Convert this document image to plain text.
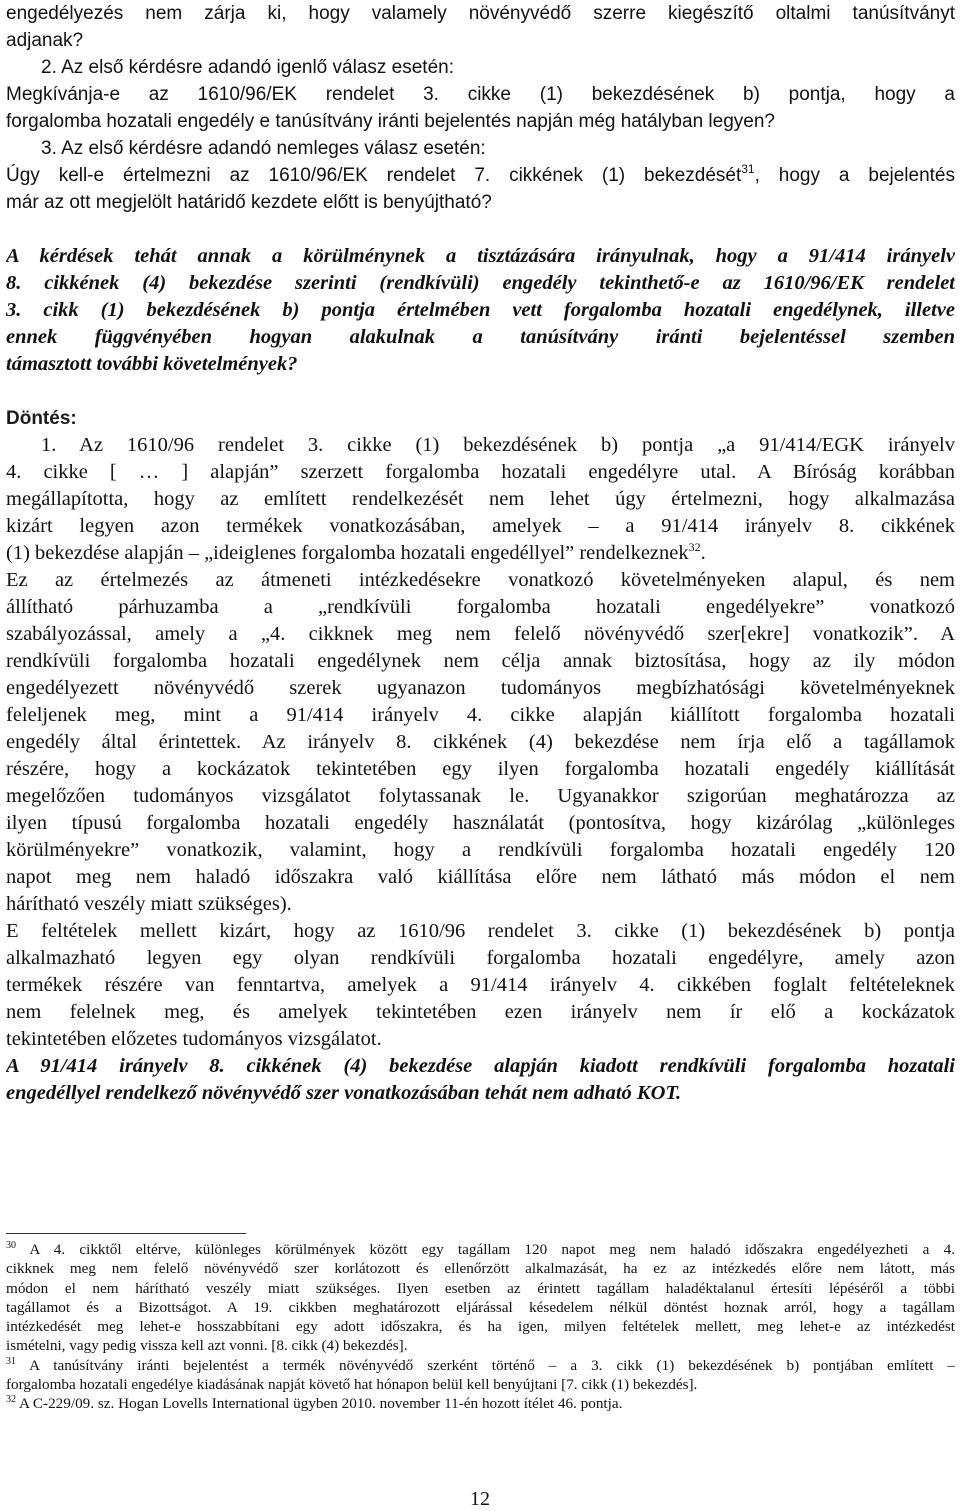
engedélyezés nem zárja ki, hogy valamely növényvédő szerre kiegészítő oltalmi tanúsítványt
adjanak?
2. Az első kérdésre adandó igenlő válasz esetén:
Megkívánja-e az 1610/96/EK rendelet 3. cikke (1) bekezdésének b) pontja, hogy a
forgalomba hozatali engedély e tanúsítvány iránti bejelentés napján még hatályban legyen?
3. Az első kérdésre adandó nemleges válasz esetén:
Úgy kell-e értelmezni az 1610/96/EK rendelet 7. cikkének (1) bekezdését$^{31}$, hogy a bejelentés
már az ott megjelölt határidő kezdete előtt is benyújtható?

A kérdések tehát annak a körülménynek a tisztázására irányulnak, hogy a 91/414 irányelv
8. cikkének (4) bekezdése szerinti (rendkívüli) engedély tekinthető-e az 1610/96/EK rendelet
3. cikk (1) bekezdésének b) pontja értelmében vett forgalomba hozatali engedélynek, illetve
ennek függvényében hogyan alakulnak a tanúsítvány iránti bejelentéssel szemben
támasztott további követelmények?

Döntés:
1. Az 1610/96 rendelet 3. cikke (1) bekezdésének b) pontja „a 91/414/EGK irányelv
4. cikke [ … ] alapján” szerzett forgalomba hozatali engedélyre utal. A Bíróság korábban
megállapította, hogy az említett rendelkezését nem lehet úgy értelmezni, hogy alkalmazása
kizárt legyen azon termékek vonatkozásában, amelyek – a 91/414 irányelv 8. cikkének
(1) bekezdése alapján – „ideiglenes forgalomba hozatali engedéllyel” rendelkeznek$^{32}$.
Ez az értelmezés az átmeneti intézkedésekre vonatkozó követelményeken alapul, és nem
állítható párhuzamba a „rendkívüli forgalomba hozatali engedélyekre” vonatkozó
szabályozással, amely a „4. cikknek meg nem felelő növényvédő szer[ekre] vonatkozik”. A
rendkívüli forgalomba hozatali engedélynek nem célja annak biztosítása, hogy az ily módon
engedélyezett növényvédő szerek ugyanazon tudományos megbízhatósági követelményeknek
feleljenek meg, mint a 91/414 irányelv 4. cikke alapján kiállított forgalomba hozatali
engedély által érintettek. Az irányelv 8. cikkének (4) bekezdése nem írja elő a tagállamok
részére, hogy a kockázatok tekintetében egy ilyen forgalomba hozatali engedély kiállítását
megelőzően tudományos vizsgálatot folytassanak le. Ugyanakkor szigorúan meghatározza az
ilyen típusú forgalomba hozatali engedély használatát (pontosítva, hogy kizárólag „különleges
körülményekre” vonatkozik, valamint, hogy a rendkívüli forgalomba hozatali engedély 120
napot meg nem haladó időszakra való kiállítása előre nem látható más módon el nem
hárítható veszély miatt szükséges).
E feltételek mellett kizárt, hogy az 1610/96 rendelet 3. cikke (1) bekezdésének b) pontja
alkalmazható legyen egy olyan rendkívüli forgalomba hozatali engedélyre, amely azon
termékek részére van fenntartva, amelyek a 91/414 irányelv 4. cikkében foglalt feltételeknek
nem felelnek meg, és amelyek tekintetében ezen irányelv nem ír elő a kockázatok
tekintetében előzetes tudományos vizsgálatot.
A 91/414 irányelv 8. cikkének (4) bekezdése alapján kiadott rendkívüli forgalomba hozatali
engedéllyel rendelkező növényvédő szer vonatkozásában tehát nem adható KOT.
$^{30}$ A 4. cikktől eltérve, különleges körülmények között egy tagállam 120 napot meg nem haladó időszakra engedélyezheti a 4.
cikknek meg nem felelő növényvédő szer korlátozott és ellenőrzött alkalmazását, ha ez az intézkedés előre nem látott, más
módon el nem hárítható veszély miatt szükséges. Ilyen esetben az érintett tagállam haladéktalanul értesíti lépéséről a többi
tagállamot és a Bizottságot. A 19. cikkben meghatározott eljárással késedelem nélkül döntést hoznak arról, hogy a tagállam
intézkedését meg lehet-e hosszabbítani egy adott időszakra, és ha igen, milyen feltételek mellett, meg lehet-e az intézkedést
ismételni, vagy pedig vissza kell azt vonni. [8. cikk (4) bekezdés].
$^{31}$ A tanúsítvány iránti bejelentést a termék növényvédő szerként történő – a 3. cikk (1) bekezdésének b) pontjában említett –
forgalomba hozatali engedélye kiadásának napját követő hat hónapon belül kell benyújtani [7. cikk (1) bekezdés].
$^{32}$ A C-229/09. sz. Hogan Lovells International ügyben 2010. november 11-én hozott ítélet 46. pontja.
12
